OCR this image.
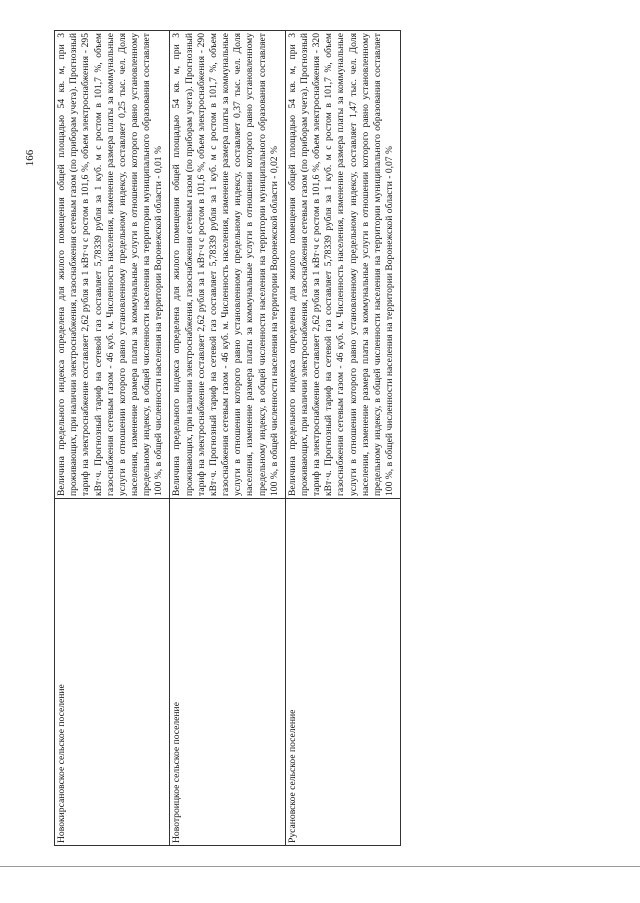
166
Новокирсановское сельское поселение	Величина предельного индекса определена для жилого помещения общей площадью 54 кв. м, при 3 проживающих, при наличии электроснабжения, газоснабжения сетевым газом (по приборам учета). Прогнозный тариф на электроснабжение составляет 2,62 рубля за 1 кВт·ч с ростом в 101,6 %, объем электроснабжения - 295 кВт·ч. Прогнозный тариф на сетевой газ составляет 5,78339 рубля за 1 куб. м с ростом в 101,7 %, объем газоснабжения сетевым газом - 46 куб. м. Численность населения, изменение размера платы за коммунальные услуги в отношении которого равно установленному предельному индексу, составляет 0,25 тыс. чел. Доля населения, изменение размера платы за коммунальные услуги в отношении которого равно установленному предельному индексу, в общей численности населения на территории муниципального образования составляет 100 %, в общей численности населения на территории Воронежской области - 0,01 %

Новотроицкое сельское поселение	Величина предельного индекса определена для жилого помещения общей площадью 54 кв. м, при 3 проживающих, при наличии электроснабжения, газоснабжения сетевым газом (по приборам учета). Прогнозный тариф на электроснабжение составляет 2,62 рубля за 1 кВт·ч с ростом в 101,6 %, объем электроснабжения - 290 кВт·ч. Прогнозный тариф на сетевой газ составляет 5,78339 рубля за 1 куб. м с ростом в 101,7 %, объем газоснабжения сетевым газом - 46 куб. м. Численность населения, изменение размера платы за коммунальные услуги в отношении которого равно установленному предельному индексу, составляет 0,37 тыс. чел. Доля населения, изменение размера платы за коммунальные услуги в отношении которого равно установленному предельному индексу, в общей численности населения на территории муниципального образования составляет 100 %, в общей численности населения на территории Воронежской области - 0,02 %

Русановское сельское поселение	Величина предельного индекса определена для жилого помещения общей площадью 54 кв. м, при 3 проживающих, при наличии электроснабжения, газоснабжения сетевым газом (по приборам учета). Прогнозный тариф на электроснабжение составляет 2,62 рубля за 1 кВт·ч с ростом в 101,6 %, объем электроснабжения - 320 кВт·ч. Прогнозный тариф на сетевой газ составляет 5,78339 рубля за 1 куб. м с ростом в 101,7 %, объем газоснабжения сетевым газом - 46 куб. м. Численность населения, изменение размера платы за коммунальные услуги в отношении которого равно установленному предельному индексу, составляет 1,47 тыс. чел. Доля населения, изменение размера платы за коммунальные услуги в отношении которого равно установленному предельному индексу, в общей численности населения на территории муниципального образования составляет 100 %, в общей численности населения на территории Воронежской области - 0,07 %
